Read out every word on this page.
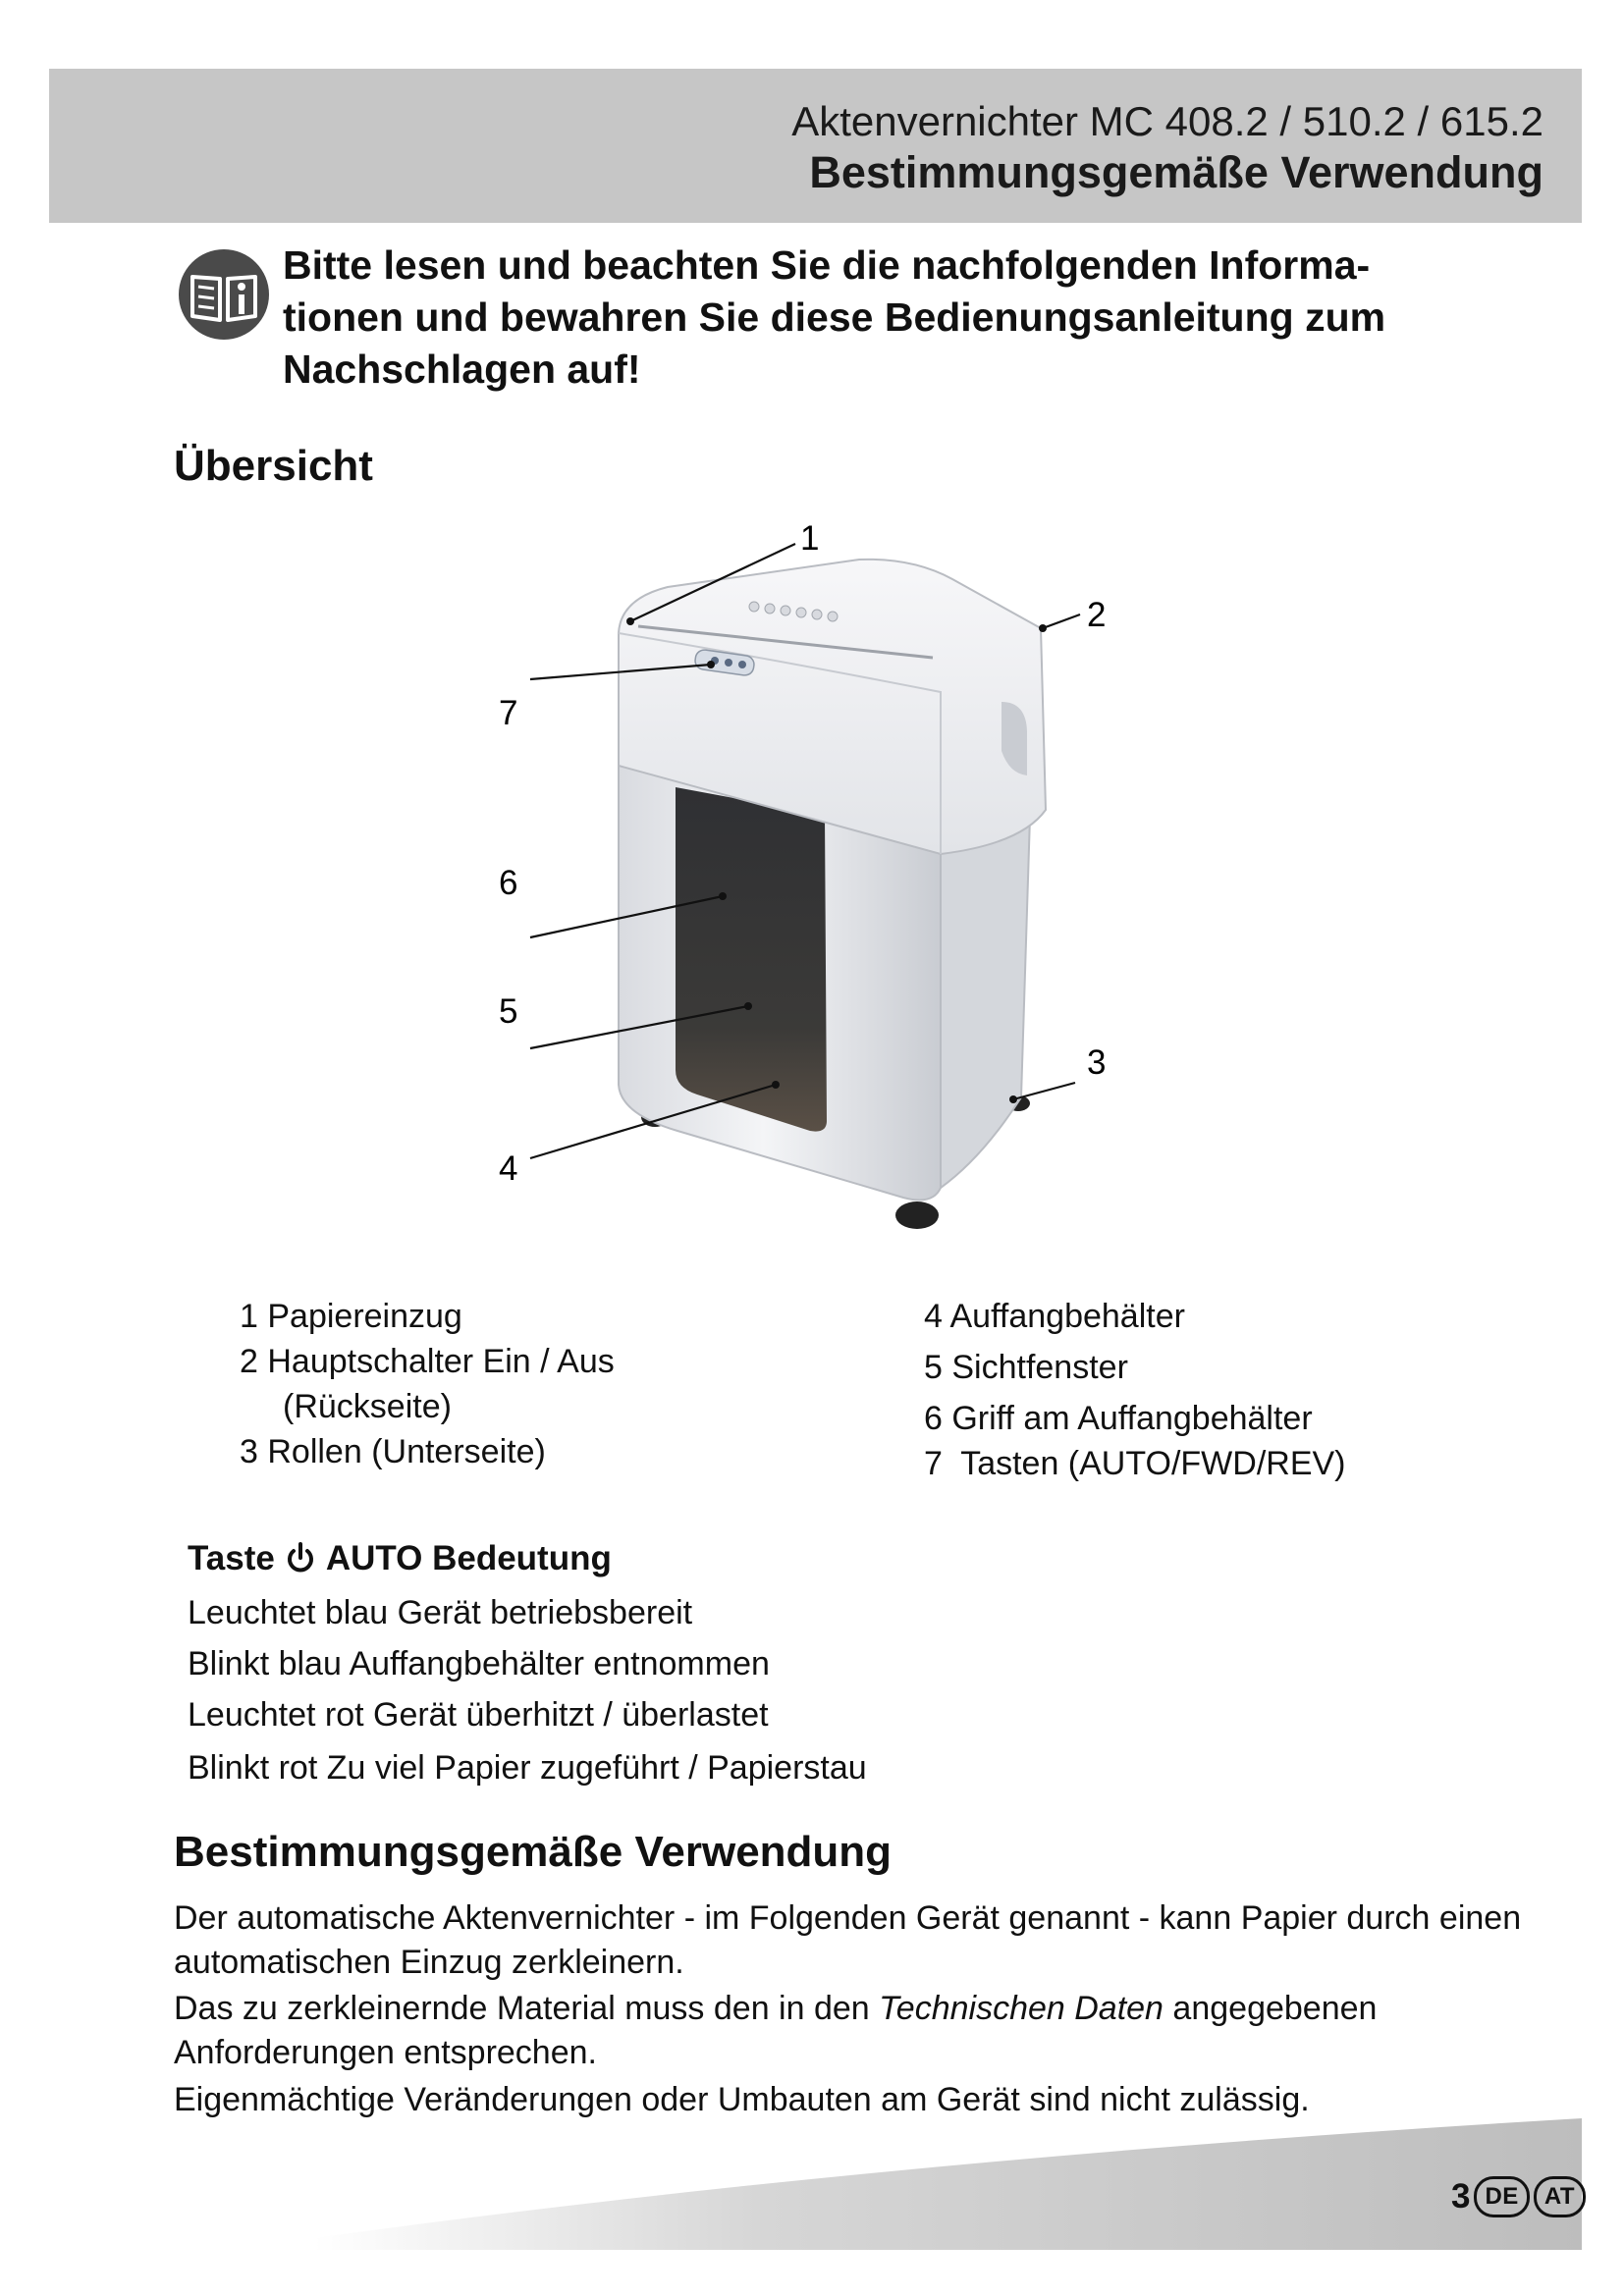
Aktenvernichter MC 408.2 / 510.2 / 615.2
Bestimmungsgemäße Verwendung
Bitte lesen und beachten Sie die nachfolgenden Informa-
tionen und bewahren Sie diese Bedienungsanleitung zum
Nachschlagen auf!
Übersicht
1
2
3
4
5
6
7
1 Papiereinzug
2 Hauptschalter Ein / Aus
(Rückseite)
3 Rollen (Unterseite)
4 Auffangbehälter
5 Sichtfenster
6 Griff am Auffangbehälter
7  Tasten (AUTO/FWD/REV)
Taste AUTO Bedeutung
Leuchtet blau Gerät betriebsbereit
Blinkt blau Auffangbehälter entnommen
Leuchtet rot Gerät überhitzt / überlastet
Blinkt rot Zu viel Papier zugeführt / Papierstau
Bestimmungsgemäße Verwendung
Der automatische Aktenvernichter - im Folgenden Gerät genannt - kann Papier durch einen automatischen Einzug zerkleinern.
Das zu zerkleinernde Material muss den in den Technischen Daten angegebenen Anforderungen entsprechen.
Eigenmächtige Veränderungen oder Umbauten am Gerät sind nicht zulässig.
3 DE	AT
